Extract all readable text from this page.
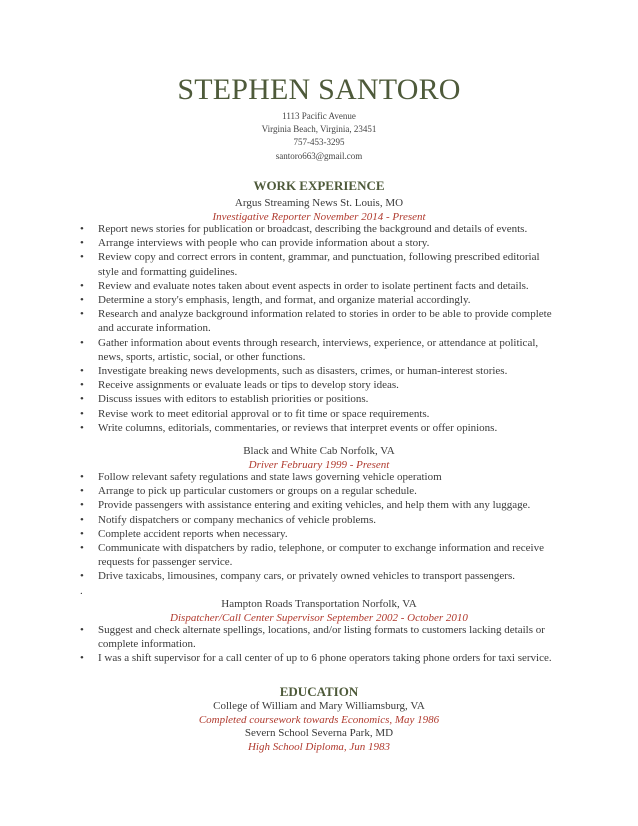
STEPHEN SANTORO
1113 Pacific Avenue
Virginia Beach, Virginia, 23451
757-453-3295
santoro663@gmail.com
WORK EXPERIENCE
Argus Streaming News St. Louis, MO
Investigative Reporter November 2014 - Present
• Report news stories for publication or broadcast, describing the background and details of events.
• Arrange interviews with people who can provide information about a story.
• Review copy and correct errors in content, grammar, and punctuation, following prescribed editorial style and formatting guidelines.
• Review and evaluate notes taken about event aspects in order to isolate pertinent facts and details.
• Determine a story's emphasis, length, and format, and organize material accordingly.
• Research and analyze background information related to stories in order to be able to provide complete and accurate information.
• Gather information about events through research, interviews, experience, or attendance at political, news, sports, artistic, social, or other functions.
• Investigate breaking news developments, such as disasters, crimes, or human-interest stories.
• Receive assignments or evaluate leads or tips to develop story ideas.
• Discuss issues with editors to establish priorities or positions.
• Revise work to meet editorial approval or to fit time or space requirements.
• Write columns, editorials, commentaries, or reviews that interpret events or offer opinions.
Black and White Cab Norfolk, VA
Driver February 1999 - Present
• Follow relevant safety regulations and state laws governing vehicle operatiom
• Arrange to pick up particular customers or groups on a regular schedule.
• Provide passengers with assistance entering and exiting vehicles, and help them with any luggage.
• Notify dispatchers or company mechanics of vehicle problems.
• Complete accident reports when necessary.
• Communicate with dispatchers by radio, telephone, or computer to exchange information and receive requests for passenger service.
• Drive taxicabs, limousines, company cars, or privately owned vehicles to transport passengers.
.
Hampton Roads Transportation Norfolk, VA
Dispatcher/Call Center Supervisor September 2002 - October 2010
• Suggest and check alternate spellings, locations, and/or listing formats to customers lacking details or complete information.
• I was a shift supervisor for a call center of up to 6 phone operators taking phone orders for taxi service.
EDUCATION
College of William and Mary Williamsburg, VA
Completed coursework towards Economics, May 1986
Severn School Severna Park, MD
High School Diploma, Jun 1983
